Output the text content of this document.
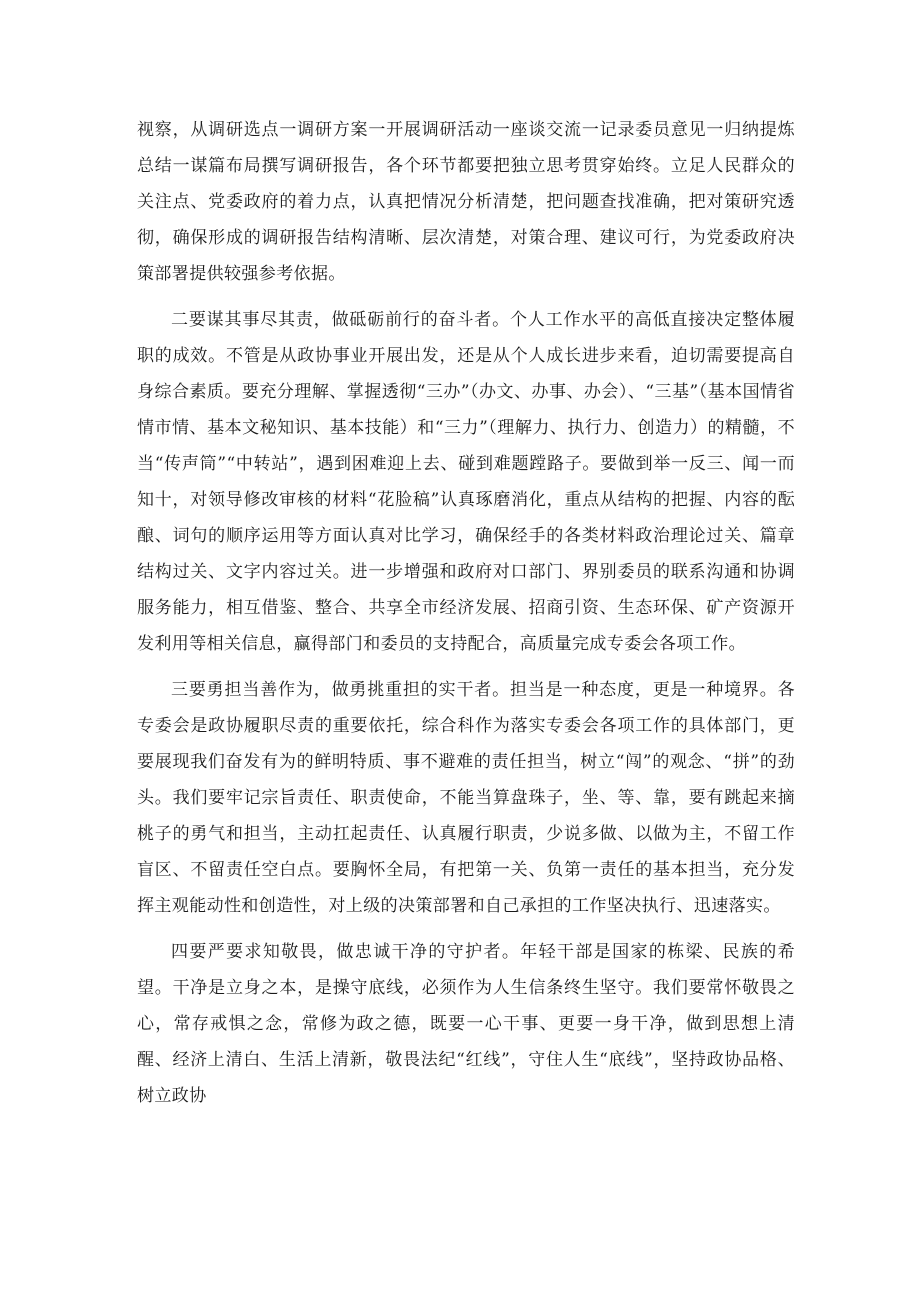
视察，从调研选点一调研方案一开展调研活动一座谈交流一记录委员意见一归纳提炼总结一谋篇布局撰写调研报告，各个环节都要把独立思考贯穿始终。立足人民群众的关注点、党委政府的着力点，认真把情况分析清楚，把问题查找准确，把对策研究透彻，确保形成的调研报告结构清晰、层次清楚，对策合理、建议可行，为党委政府决策部署提供较强参考依据。

二要谋其事尽其责，做砥砺前行的奋斗者。个人工作水平的高低直接决定整体履职的成效。不管是从政协事业开展出发，还是从个人成长进步来看，迫切需要提高自身综合素质。要充分理解、掌握透彻“三办”（办文、办事、办会）、“三基”（基本国情省情市情、基本文秘知识、基本技能）和“三力”（理解力、执行力、创造力）的精髓，不当“传声筒”“中转站”，遇到困难迎上去、碰到难题蹚路子。要做到举一反三、闻一而知十，对领导修改审核的材料“花脸稿”认真琢磨消化，重点从结构的把握、内容的酝酿、词句的顺序运用等方面认真对比学习，确保经手的各类材料政治理论过关、篇章结构过关、文字内容过关。进一步增强和政府对口部门、界别委员的联系沟通和协调服务能力，相互借鉴、整合、共享全市经济发展、招商引资、生态环保、矿产资源开发利用等相关信息，赢得部门和委员的支持配合，高质量完成专委会各项工作。

三要勇担当善作为，做勇挑重担的实干者。担当是一种态度，更是一种境界。各专委会是政协履职尽责的重要依托，综合科作为落实专委会各项工作的具体部门，更要展现我们奋发有为的鲜明特质、事不避难的责任担当，树立“闯”的观念、“拼”的劲头。我们要牢记宗旨责任、职责使命，不能当算盘珠子，坐、等、靠，要有跳起来摘桃子的勇气和担当，主动扛起责任、认真履行职责，少说多做、以做为主，不留工作盲区、不留责任空白点。要胸怀全局，有把第一关、负第一责任的基本担当，充分发挥主观能动性和创造性，对上级的决策部署和自己承担的工作坚决执行、迅速落实。

四要严要求知敬畏，做忠诚干净的守护者。年轻干部是国家的栋梁、民族的希望。干净是立身之本，是操守底线，必须作为人生信条终生坚守。我们要常怀敬畏之心，常存戒惧之念，常修为政之德，既要一心干事、更要一身干净，做到思想上清醒、经济上清白、生活上清新，敬畏法纪“红线”，守住人生“底线”，坚持政协品格、树立政协
